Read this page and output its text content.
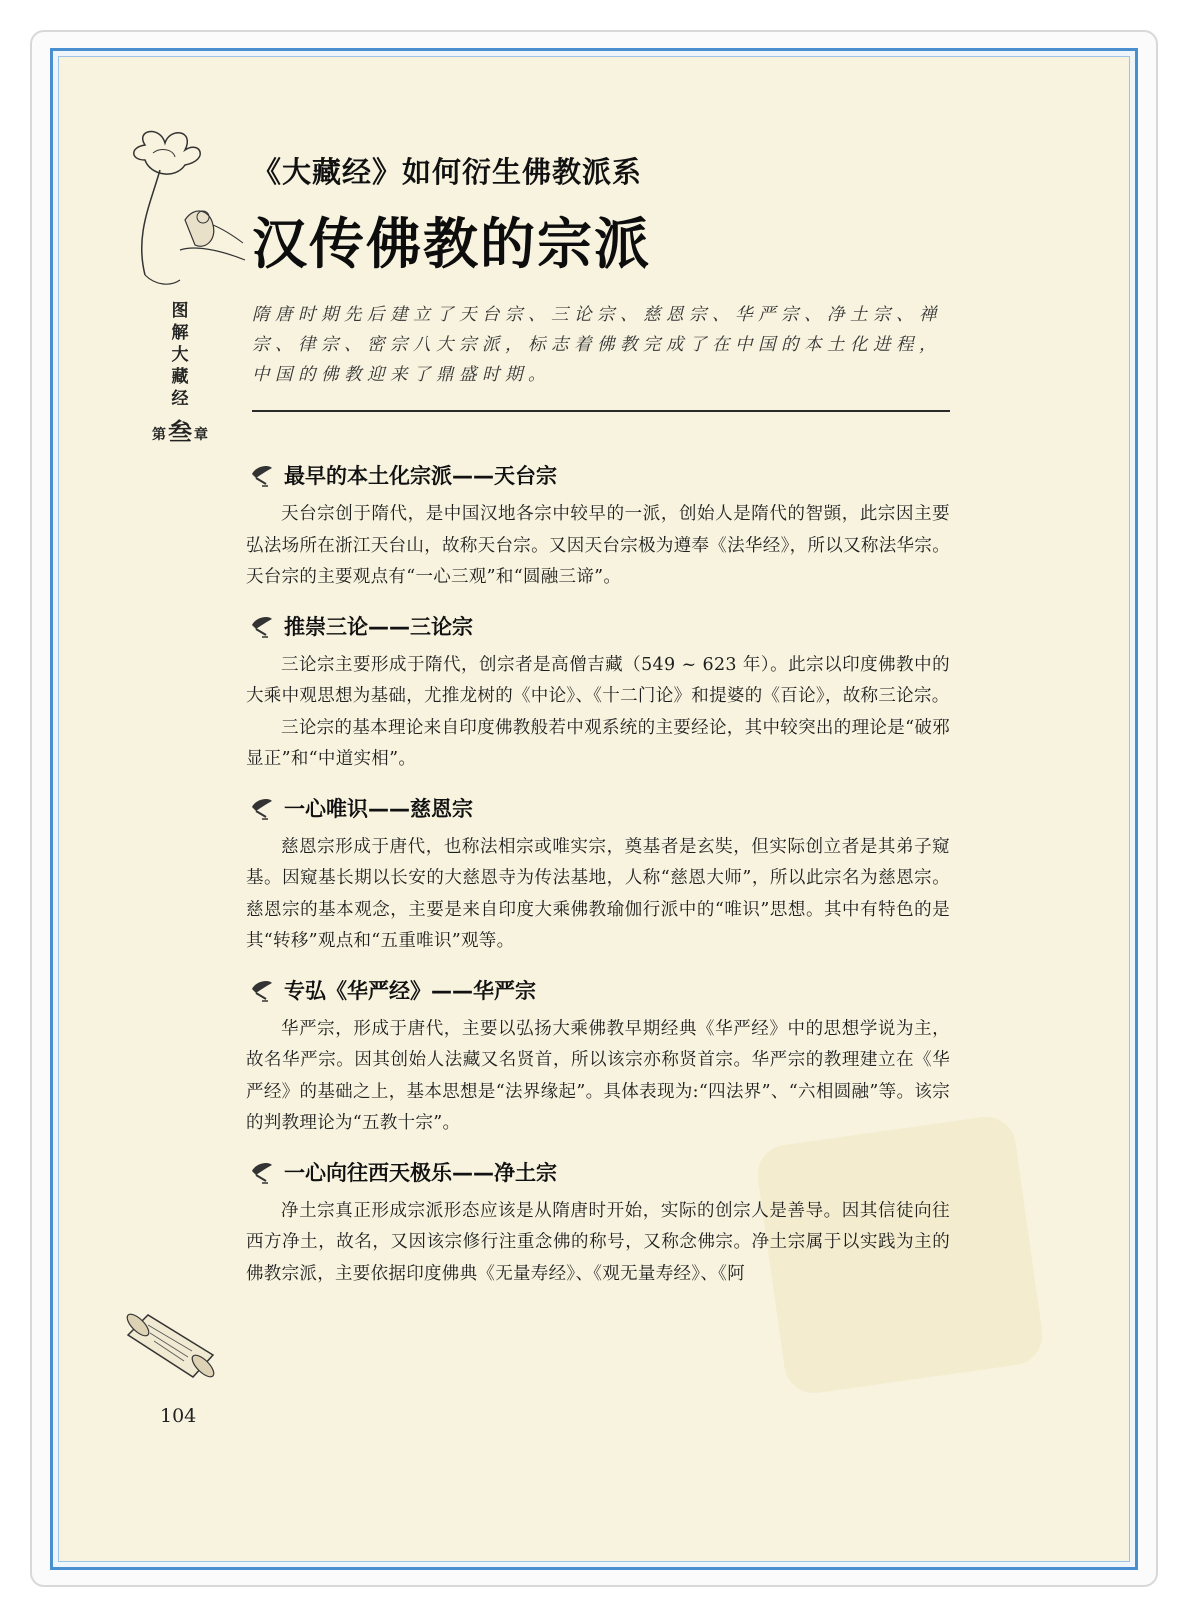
图
解
大
藏
经
第 叁 章
《大藏经》如何衍生佛教派系
汉传佛教的宗派

隋唐时期先后建立了天台宗、三论宗、慈恩宗、华严宗、净土宗、禅宗、律宗、密宗八大宗派，标志着佛教完成了在中国的本土化进程，中国的佛教迎来了鼎盛时期。

最早的本土化宗派——天台宗

天台宗创于隋代，是中国汉地各宗中较早的一派，创始人是隋代的智顗，此宗因主要弘法场所在浙江天台山，故称天台宗。又因天台宗极为遵奉《法华经》，所以又称法华宗。天台宗的主要观点有“一心三观”和“圆融三谛”。

推崇三论——三论宗

三论宗主要形成于隋代，创宗者是高僧吉藏（549 ~ 623 年）。此宗以印度佛教中的大乘中观思想为基础，尤推龙树的《中论》、《十二门论》和提婆的《百论》，故称三论宗。

三论宗的基本理论来自印度佛教般若中观系统的主要经论，其中较突出的理论是“破邪显正”和“中道实相”。

一心唯识——慈恩宗

慈恩宗形成于唐代，也称法相宗或唯实宗，奠基者是玄奘，但实际创立者是其弟子窥基。因窥基长期以长安的大慈恩寺为传法基地，人称“慈恩大师”，所以此宗名为慈恩宗。慈恩宗的基本观念，主要是来自印度大乘佛教瑜伽行派中的“唯识”思想。其中有特色的是其“转移”观点和“五重唯识”观等。

专弘《华严经》——华严宗

华严宗，形成于唐代，主要以弘扬大乘佛教早期经典《华严经》中的思想学说为主，故名华严宗。因其创始人法藏又名贤首，所以该宗亦称贤首宗。华严宗的教理建立在《华严经》的基础之上，基本思想是“法界缘起”。具体表现为:“四法界”、“六相圆融”等。该宗的判教理论为“五教十宗”。

一心向往西天极乐——净土宗

净土宗真正形成宗派形态应该是从隋唐时开始，实际的创宗人是善导。因其信徒向往西方净土，故名，又因该宗修行注重念佛的称号，又称念佛宗。净土宗属于以实践为主的佛教宗派，主要依据印度佛典《无量寿经》、《观无量寿经》、《阿

104
